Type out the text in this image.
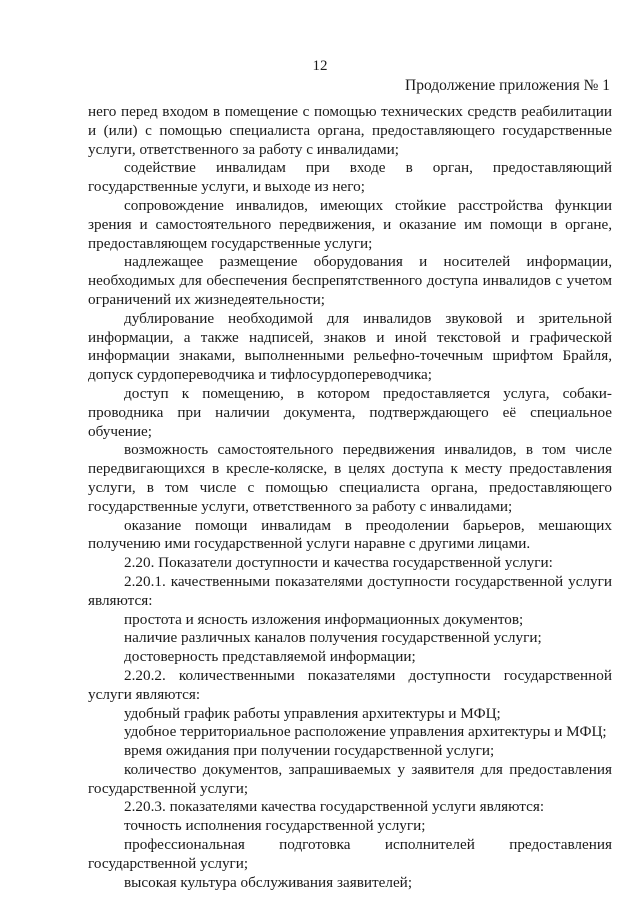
12
Продолжение приложения № 1

него перед входом в помещение с помощью технических средств реабилитации и (или) с помощью специалиста органа, предоставляющего государственные услуги, ответственного за работу с инвалидами;

содействие инвалидам при входе в орган, предоставляющий государственные услуги, и выходе из него;

сопровождение инвалидов, имеющих стойкие расстройства функции зрения и самостоятельного передвижения, и оказание им помощи в органе, предоставляющем государственные услуги;

надлежащее размещение оборудования и носителей информации, необходимых для обеспечения беспрепятственного доступа инвалидов с учетом ограничений их жизнедеятельности;

дублирование необходимой для инвалидов звуковой и зрительной информации, а также надписей, знаков и иной текстовой и графической информации знаками, выполненными рельефно-точечным шрифтом Брайля, допуск сурдопереводчика и тифлосурдопереводчика;

доступ к помещению, в котором предоставляется услуга, собаки-проводника при наличии документа, подтверждающего её специальное обучение;

возможность самостоятельного передвижения инвалидов, в том числе передвигающихся в кресле-коляске, в целях доступа к месту предоставления услуги, в том числе с помощью специалиста органа, предоставляющего государственные услуги, ответственного за работу с инвалидами;

оказание помощи инвалидам в преодолении барьеров, мешающих получению ими государственной услуги наравне с другими лицами.

2.20. Показатели доступности и качества государственной услуги:

2.20.1. качественными показателями доступности государственной услуги являются:

простота и ясность изложения информационных документов;

наличие различных каналов получения государственной услуги;

достоверность представляемой информации;

2.20.2. количественными показателями доступности государственной услуги являются:

удобный график работы управления архитектуры и МФЦ;

удобное территориальное расположение управления архитектуры и МФЦ;

время ожидания при получении государственной услуги;

количество документов, запрашиваемых у заявителя для предоставления государственной услуги;

2.20.3. показателями качества государственной услуги являются:

точность исполнения государственной услуги;

профессиональная подготовка исполнителей предоставления государственной услуги;

высокая культура обслуживания заявителей;
